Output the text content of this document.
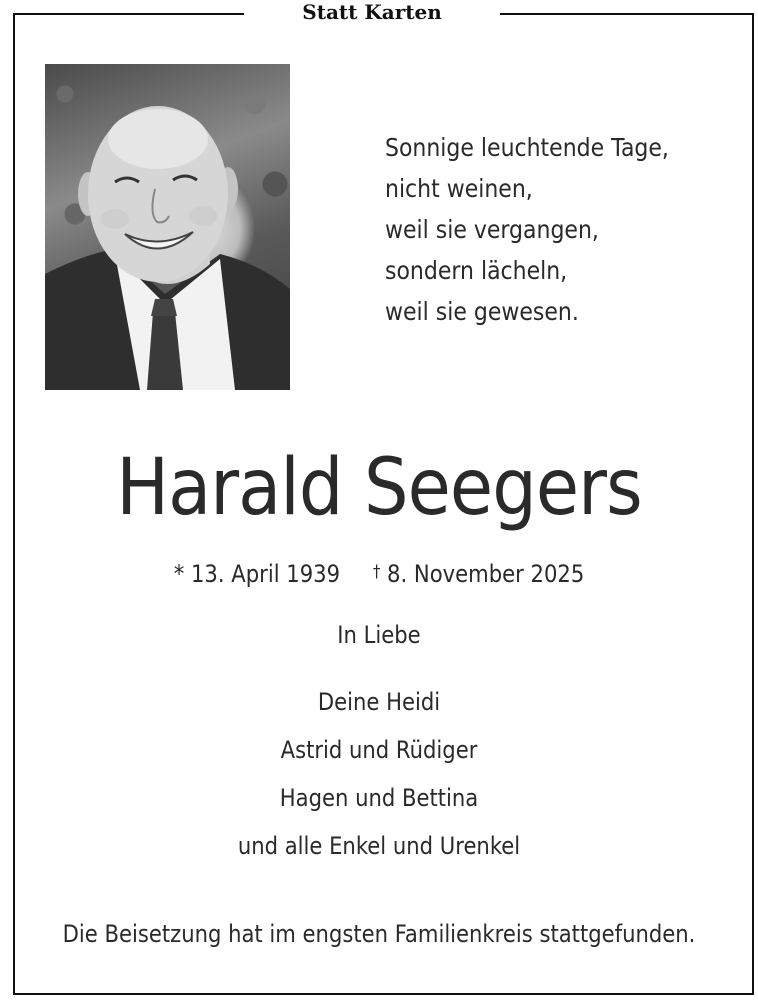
Statt Karten
Sonnige leuchtende Tage,
nicht weinen,
weil sie vergangen,
sondern lächeln,
weil sie gewesen.
Harald Seegers
* 13. April 1939 † 8. November 2025
In Liebe
Deine Heidi
Astrid und Rüdiger
Hagen und Bettina
und alle Enkel und Urenkel
Die Beisetzung hat im engsten Familienkreis stattgefunden.
